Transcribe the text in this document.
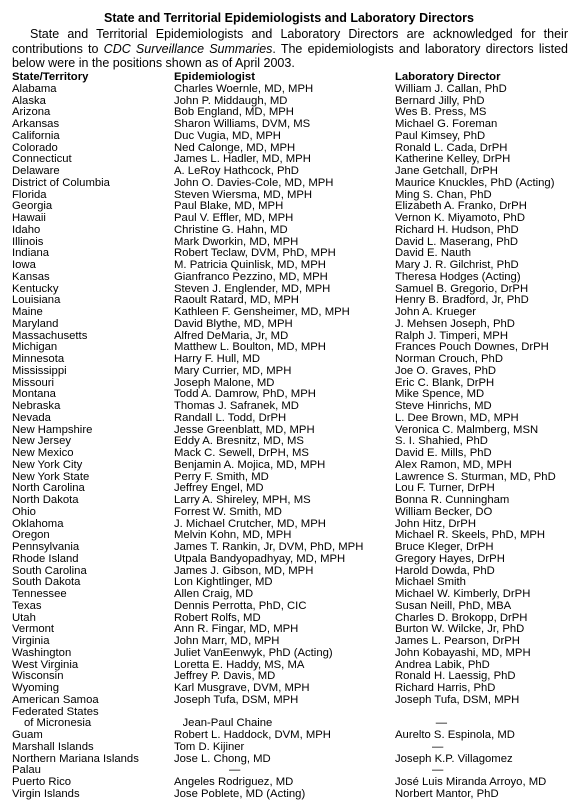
State and Territorial Epidemiologists and Laboratory Directors

State and Territorial Epidemiologists and Laboratory Directors are acknowledged for their contributions to CDC Surveillance Summaries. The epidemiologists and laboratory directors listed below were in the positions shown as of April 2003.

State/Territory	Epidemiologist	Laboratory Director
Alabama	Charles Woernle, MD, MPH	William J. Callan, PhD
Alaska	John P. Middaugh, MD	Bernard Jilly, PhD
Arizona	Bob England, MD, MPH	Wes B. Press, MS
Arkansas	Sharon Williams, DVM, MS	Michael G. Foreman
California	Duc Vugia, MD, MPH	Paul Kimsey, PhD
Colorado	Ned Calonge, MD, MPH	Ronald L. Cada, DrPH
Connecticut	James L. Hadler, MD, MPH	Katherine Kelley, DrPH
Delaware	A. LeRoy Hathcock, PhD	Jane Getchall, DrPH
District of Columbia	John O. Davies-Cole, MD, MPH	Maurice Knuckles, PhD (Acting)
Florida	Steven Wiersma, MD, MPH	Ming S. Chan, PhD
Georgia	Paul Blake, MD, MPH	Elizabeth A. Franko, DrPH
Hawaii	Paul V. Effler, MD, MPH	Vernon K. Miyamoto, PhD
Idaho	Christine G. Hahn, MD	Richard H. Hudson, PhD
Illinois	Mark Dworkin, MD, MPH	David L. Maserang, PhD
Indiana	Robert Teclaw, DVM, PhD, MPH	David E. Nauth
Iowa	M. Patricia Quinlisk, MD, MPH	Mary J. R. Gilchrist, PhD
Kansas	Gianfranco Pezzino, MD, MPH	Theresa Hodges (Acting)
Kentucky	Steven J. Englender, MD, MPH	Samuel B. Gregorio, DrPH
Louisiana	Raoult Ratard, MD, MPH	Henry B. Bradford, Jr, PhD
Maine	Kathleen F. Gensheimer, MD, MPH	John A. Krueger
Maryland	David Blythe, MD, MPH	J. Mehsen Joseph, PhD
Massachusetts	Alfred DeMaria, Jr, MD	Ralph J. Timperi, MPH
Michigan	Matthew L. Boulton, MD, MPH	Frances Pouch Downes, DrPH
Minnesota	Harry F. Hull, MD	Norman Crouch, PhD
Mississippi	Mary Currier, MD, MPH	Joe O. Graves, PhD
Missouri	Joseph Malone, MD	Eric C. Blank, DrPH
Montana	Todd A. Damrow, PhD, MPH	Mike Spence, MD
Nebraska	Thomas J. Safranek, MD	Steve Hinrichs, MD
Nevada	Randall L. Todd, DrPH	L. Dee Brown, MD, MPH
New Hampshire	Jesse Greenblatt, MD, MPH	Veronica C. Malmberg, MSN
New Jersey	Eddy A. Bresnitz, MD, MS	S. I. Shahied, PhD
New Mexico	Mack C. Sewell, DrPH, MS	David E. Mills, PhD
New York City	Benjamin A. Mojica, MD, MPH	Alex Ramon, MD, MPH
New York State	Perry F. Smith, MD	Lawrence S. Sturman, MD, PhD
North Carolina	Jeffrey Engel, MD	Lou F. Turner, DrPH
North Dakota	Larry A. Shireley, MPH, MS	Bonna R. Cunningham
Ohio	Forrest W. Smith, MD	William Becker, DO
Oklahoma	J. Michael Crutcher, MD, MPH	John Hitz, DrPH
Oregon	Melvin Kohn, MD, MPH	Michael R. Skeels, PhD, MPH
Pennsylvania	James T. Rankin, Jr, DVM, PhD, MPH	Bruce Kleger, DrPH
Rhode Island	Utpala Bandyopadhyay, MD, MPH	Gregory Hayes, DrPH
South Carolina	James J. Gibson, MD, MPH	Harold Dowda, PhD
South Dakota	Lon Kightlinger, MD	Michael Smith
Tennessee	Allen Craig, MD	Michael W. Kimberly, DrPH
Texas	Dennis Perrotta, PhD, CIC	Susan Neill, PhD, MBA
Utah	Robert Rolfs, MD	Charles D. Brokopp, DrPH
Vermont	Ann R. Fingar, MD, MPH	Burton W. Wilcke, Jr, PhD
Virginia	John Marr, MD, MPH	James L. Pearson, DrPH
Washington	Juliet VanEenwyk, PhD (Acting)	John Kobayashi, MD, MPH
West Virginia	Loretta E. Haddy, MS, MA	Andrea Labik, PhD
Wisconsin	Jeffrey P. Davis, MD	Ronald H. Laessig, PhD
Wyoming	Karl Musgrave, DVM, MPH	Richard Harris, PhD
American Samoa	Joseph Tufa, DSM, MPH	Joseph Tufa, DSM, MPH
Federated States
of Micronesia	Jean-Paul Chaine	—
Guam	Robert L. Haddock, DVM, MPH	Aurelto S. Espinola, MD
Marshall Islands	Tom D. Kijiner	—
Northern Mariana Islands	Jose L. Chong, MD	Joseph K.P. Villagomez
Palau	—	—
Puerto Rico	Angeles Rodriguez, MD	José Luis Miranda Arroyo, MD
Virgin Islands	Jose Poblete, MD (Acting)	Norbert Mantor, PhD
